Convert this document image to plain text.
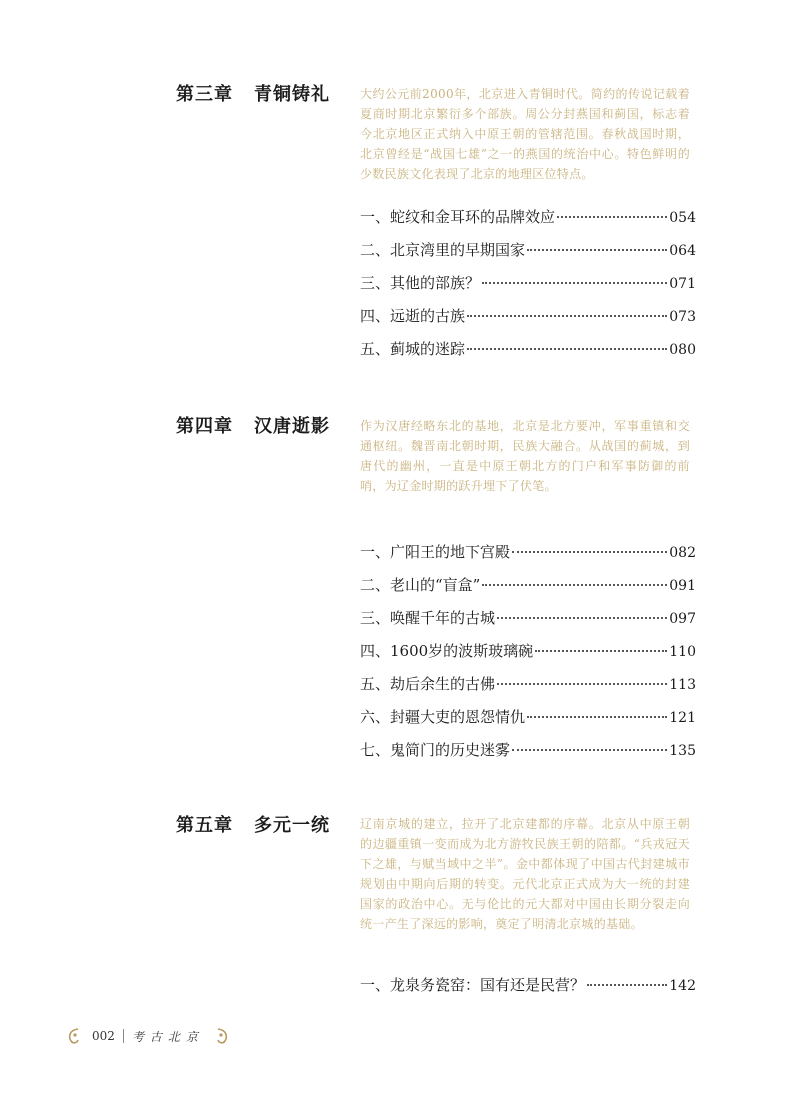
第三章 青铜铸礼	大约公元前2000年，北京进入青铜时代。简约的传说记载着夏商时期北京繁衍多个部族。周公分封燕国和蓟国，标志着今北京地区正式纳入中原王朝的管辖范围。春秋战国时期，北京曾经是“战国七雄”之一的燕国的统治中心。特色鲜明的少数民族文化表现了北京的地理区位特点。
一、蛇纹和金耳环的品牌效应	054
二、北京湾里的早期国家	064
三、其他的部族？	071
四、远逝的古族	073
五、蓟城的迷踪	080
第四章 汉唐逝影	作为汉唐经略东北的基地，北京是北方要冲，军事重镇和交通枢纽。魏晋南北朝时期，民族大融合。从战国的蓟城，到唐代的幽州，一直是中原王朝北方的门户和军事防御的前哨，为辽金时期的跃升埋下了伏笔。
一、广阳王的地下宫殿	082
二、老山的“盲盒”	091
三、唤醒千年的古城	097
四、1600岁的波斯玻璃碗	110
五、劫后余生的古佛	113
六、封疆大吏的恩怨情仇	121
七、鬼简门的历史迷雾	135
第五章 多元一统	辽南京城的建立，拉开了北京建都的序幕。北京从中原王朝的边疆重镇一变而成为北方游牧民族王朝的陪都。“兵戎冠天下之雄，与赋当域中之半”。金中都体现了中国古代封建城市规划由中期向后期的转变。元代北京正式成为大一统的封建国家的政治中心。无与伦比的元大都对中国由长期分裂走向统一产生了深远的影响，奠定了明清北京城的基础。
一、龙泉务瓷窑：国有还是民营？	142
002 考古北京
